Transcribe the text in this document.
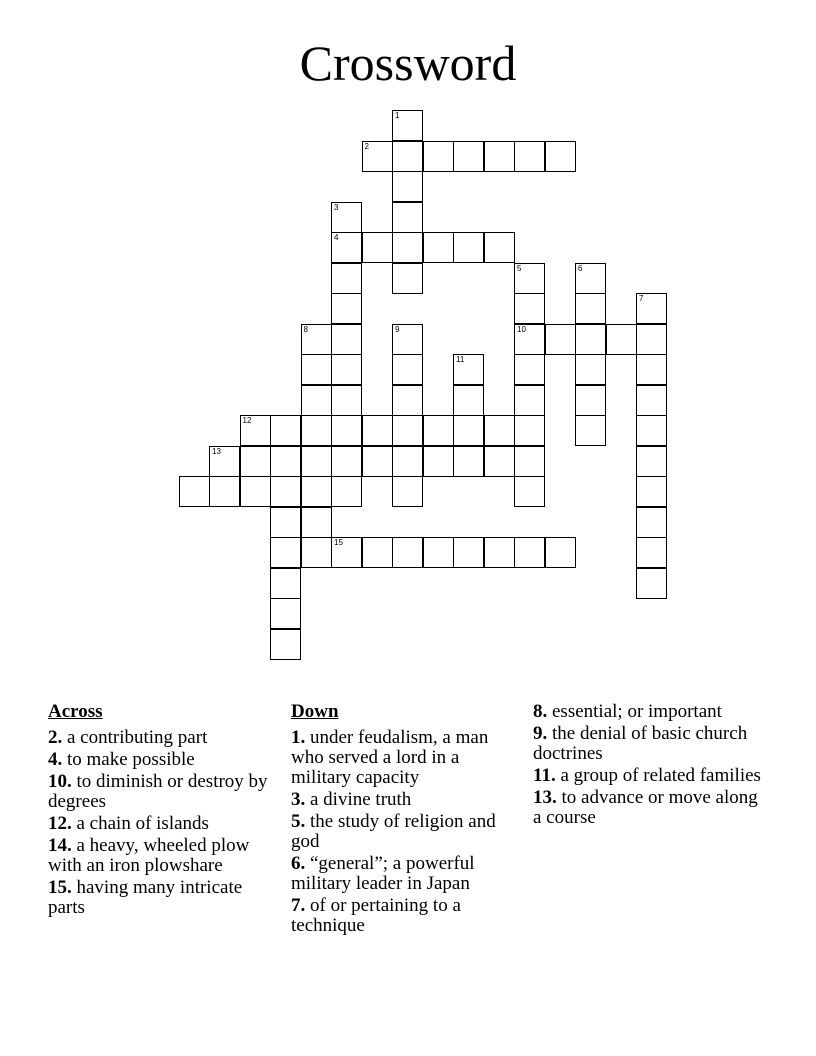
Crossword
1
2
3
4
5
10
6
7
8	9
11
12
13
15
Across
2. a contributing part
4. to make possible
10. to diminish or destroy by degrees
12. a chain of islands
14. a heavy, wheeled plow with an iron plowshare
15. having many intricate parts
Down
1. under feudalism, a man who served a lord in a military capacity
3. a divine truth
5. the study of religion and god
6. “general”; a powerful military leader in Japan
7. of or pertaining to a technique
8. essential; or important
9. the denial of basic church doctrines
11. a group of related families
13. to advance or move along a course
